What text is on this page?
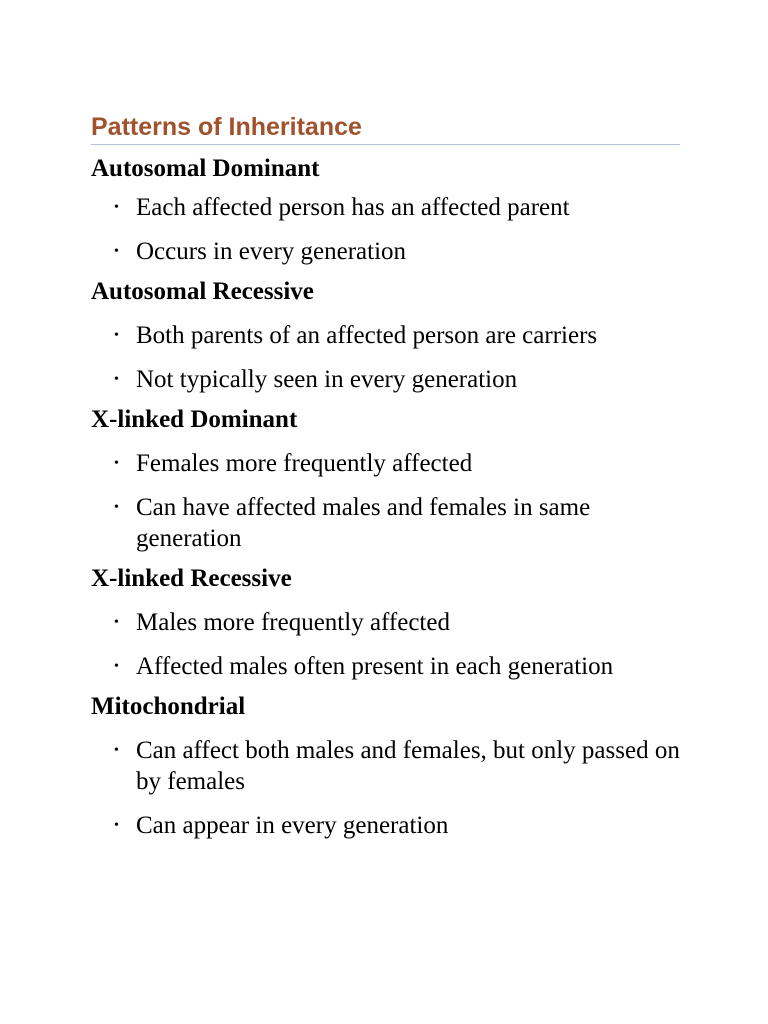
Patterns of Inheritance
Autosomal Dominant
• Each affected person has an affected parent
• Occurs in every generation
Autosomal Recessive
• Both parents of an affected person are carriers
• Not typically seen in every generation
X-linked Dominant
• Females more frequently affected
• Can have affected males and females in same generation
X-linked Recessive
• Males more frequently affected
• Affected males often present in each generation
Mitochondrial
• Can affect both males and females, but only passed on by females
• Can appear in every generation
